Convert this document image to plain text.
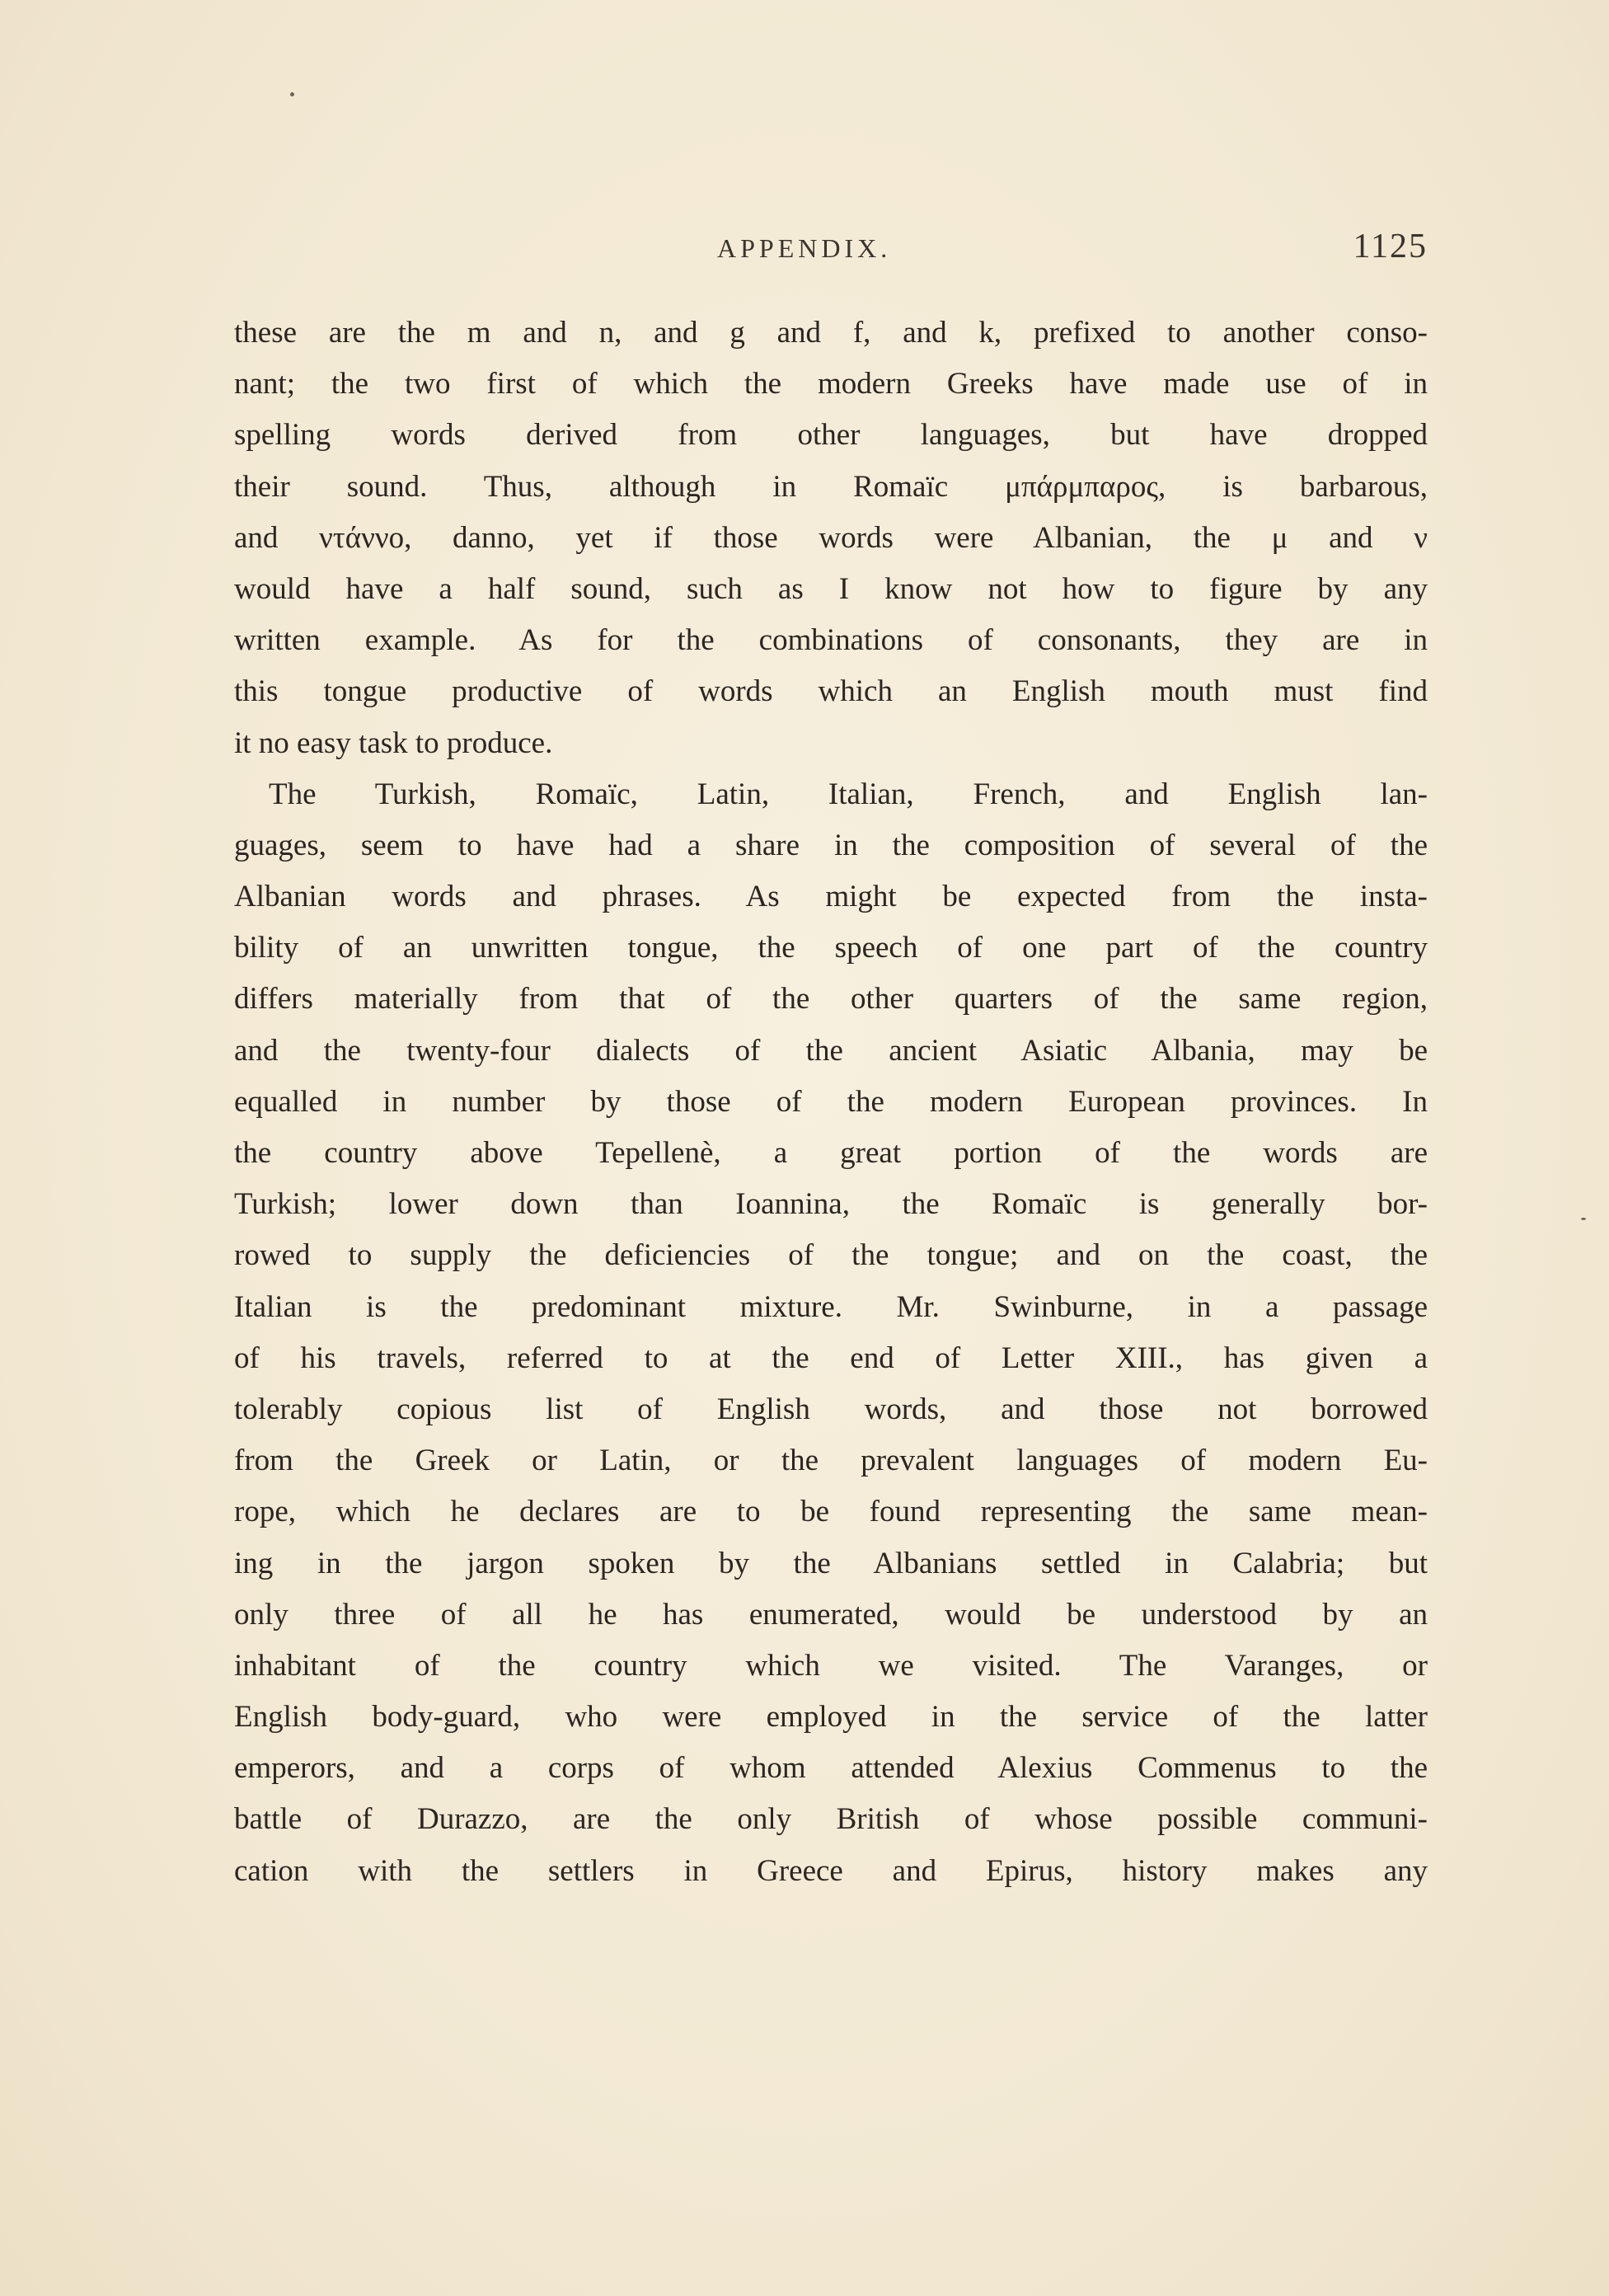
APPENDIX.	1125
these are the m and n, and g and f, and k, prefixed to another conso-
nant; the two first of which the modern Greeks have made use of in
spelling words derived from other languages, but have dropped
their sound. Thus, although in Romaïc μπάρμπαρος, is barbarous,
and ντάννο, danno, yet if those words were Albanian, the μ and ν
would have a half sound, such as I know not how to figure by any
written example. As for the combinations of consonants, they are in
this tongue productive of words which an English mouth must find
it no easy task to produce.
The Turkish, Romaïc, Latin, Italian, French, and English lan-
guages, seem to have had a share in the composition of several of the
Albanian words and phrases. As might be expected from the insta-
bility of an unwritten tongue, the speech of one part of the country
differs materially from that of the other quarters of the same region,
and the twenty-four dialects of the ancient Asiatic Albania, may be
equalled in number by those of the modern European provinces. In
the country above Tepellenè, a great portion of the words are
Turkish; lower down than Ioannina, the Romaïc is generally bor-
rowed to supply the deficiencies of the tongue; and on the coast, the
Italian is the predominant mixture. Mr. Swinburne, in a passage
of his travels, referred to at the end of Letter XIII., has given a
tolerably copious list of English words, and those not borrowed
from the Greek or Latin, or the prevalent languages of modern Eu-
rope, which he declares are to be found representing the same mean-
ing in the jargon spoken by the Albanians settled in Calabria; but
only three of all he has enumerated, would be understood by an
inhabitant of the country which we visited. The Varanges, or
English body-guard, who were employed in the service of the latter
emperors, and a corps of whom attended Alexius Commenus to the
battle of Durazzo, are the only British of whose possible communi-
cation with the settlers in Greece and Epirus, history makes any
